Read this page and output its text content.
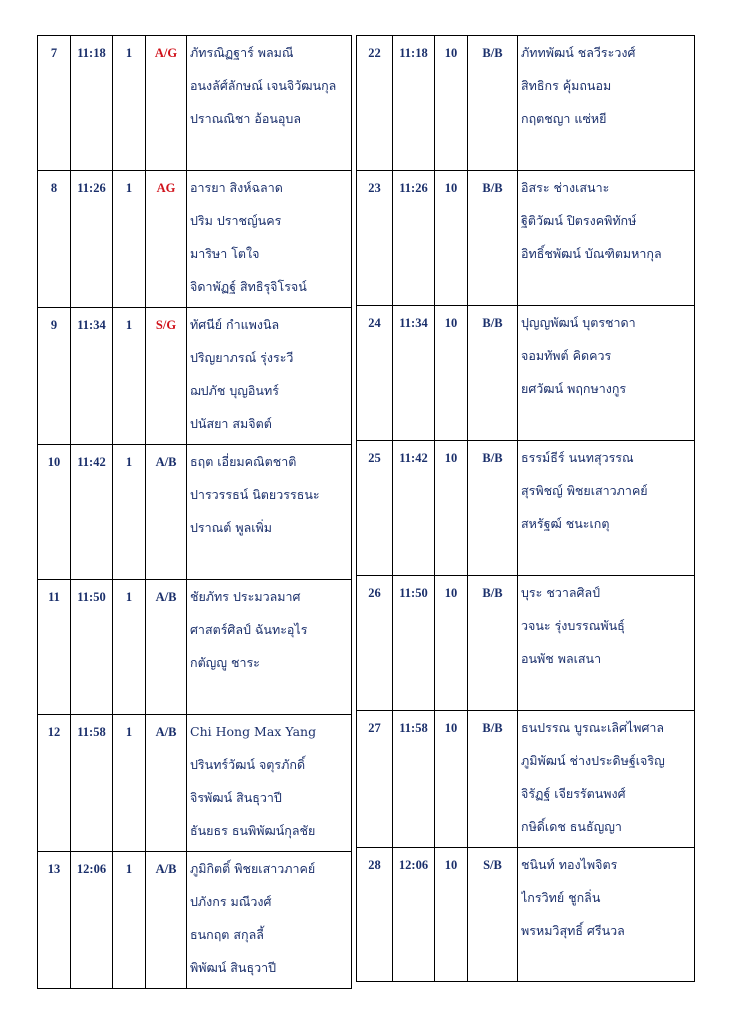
7	11:18	1	A/G	ภัทรณิฏฐาร์ พลมณี
อนงลัศ์ลักษณ์ เจนจิวัฒนกุล
ปราณณิชา อ้อนอุบล

8	11:26	1	AG	อารยา สิงห์ฉลาด
ปริม ปราชญ์นคร
มาริษา โตใจ
จิดาพัฏฐ์ สิทธิรุจิโรจน์

9	11:34	1	S/G	ทัศนีย์ กำแพงนิล
ปริญยาภรณ์ รุ่งระวี
ฌปภัช บุญอินทร์
ปนัสยา สมจิตต์

10	11:42	1	A/B	ธฤต เอี่ยมคณิตชาติ
ปารวรรธน์ นิตยวรรธนะ
ปราณต์ พูลเพิ่ม

11	11:50	1	A/B	ชัยภัทร ประมวลมาศ
ศาสตร์ศิลป์ ฉันทะอุไร
กตัญญู ชาระ

12	11:58	1	A/B	Chi Hong Max Yang
ปรินทร์วัฒน์ จตุรภักดิ์
จิรพัฒน์ สินธุวาปี
ธันยธร ธนพิพัฒน์กุลชัย

13	12:06	1	A/B	ภูมิกิตติ์ พิชยเสาวภาคย์
ปภังกร มณีวงศ์
ธนกฤต สกุลลี้
พิพัฒน์ สินธุวาปี
22	11:18	10	B/B	ภัททพัฒน์ ชลวีระวงศ์
สิทธิกร คุ้มถนอม
กฤตชญา แซ่หยี

23	11:26	10	B/B	อิสระ ช่างเสนาะ
ฐิติวัฒน์ ปิตรงคพิทักษ์
อิทธิ์ชพัฒน์ บัณฑิตมหากุล

24	11:34	10	B/B	ปุญญพัฒน์ บุตรชาดา
จอมทัพต์ คิดควร
ยศวัฒน์ พฤกษางกูร

25	11:42	10	B/B	ธรรม์ธีร์ นนทสุวรรณ
สุรพิชญ์ พิชยเสาวภาคย์
สหรัฐฒ์ ชนะเกตุ

26	11:50	10	B/B	บุระ ชวาลศิลป์
วจนะ รุ่งบรรณพันธุ์
อนพัช พลเสนา

27	11:58	10	B/B	ธนปรรณ บูรณะเลิศไพศาล
ภูมิพัฒน์ ช่างประดิษฐ์เจริญ
จิรัฏฐ์ เจียรรัตนพงศ์
กษิดิ์เดช ธนธัญญา

28	12:06	10	S/B	ชนินท์ ทองไพจิตร
ไกรวิทย์ ชูกลิ่น
พรหมวิสุทธิ์ ศรีนวล
